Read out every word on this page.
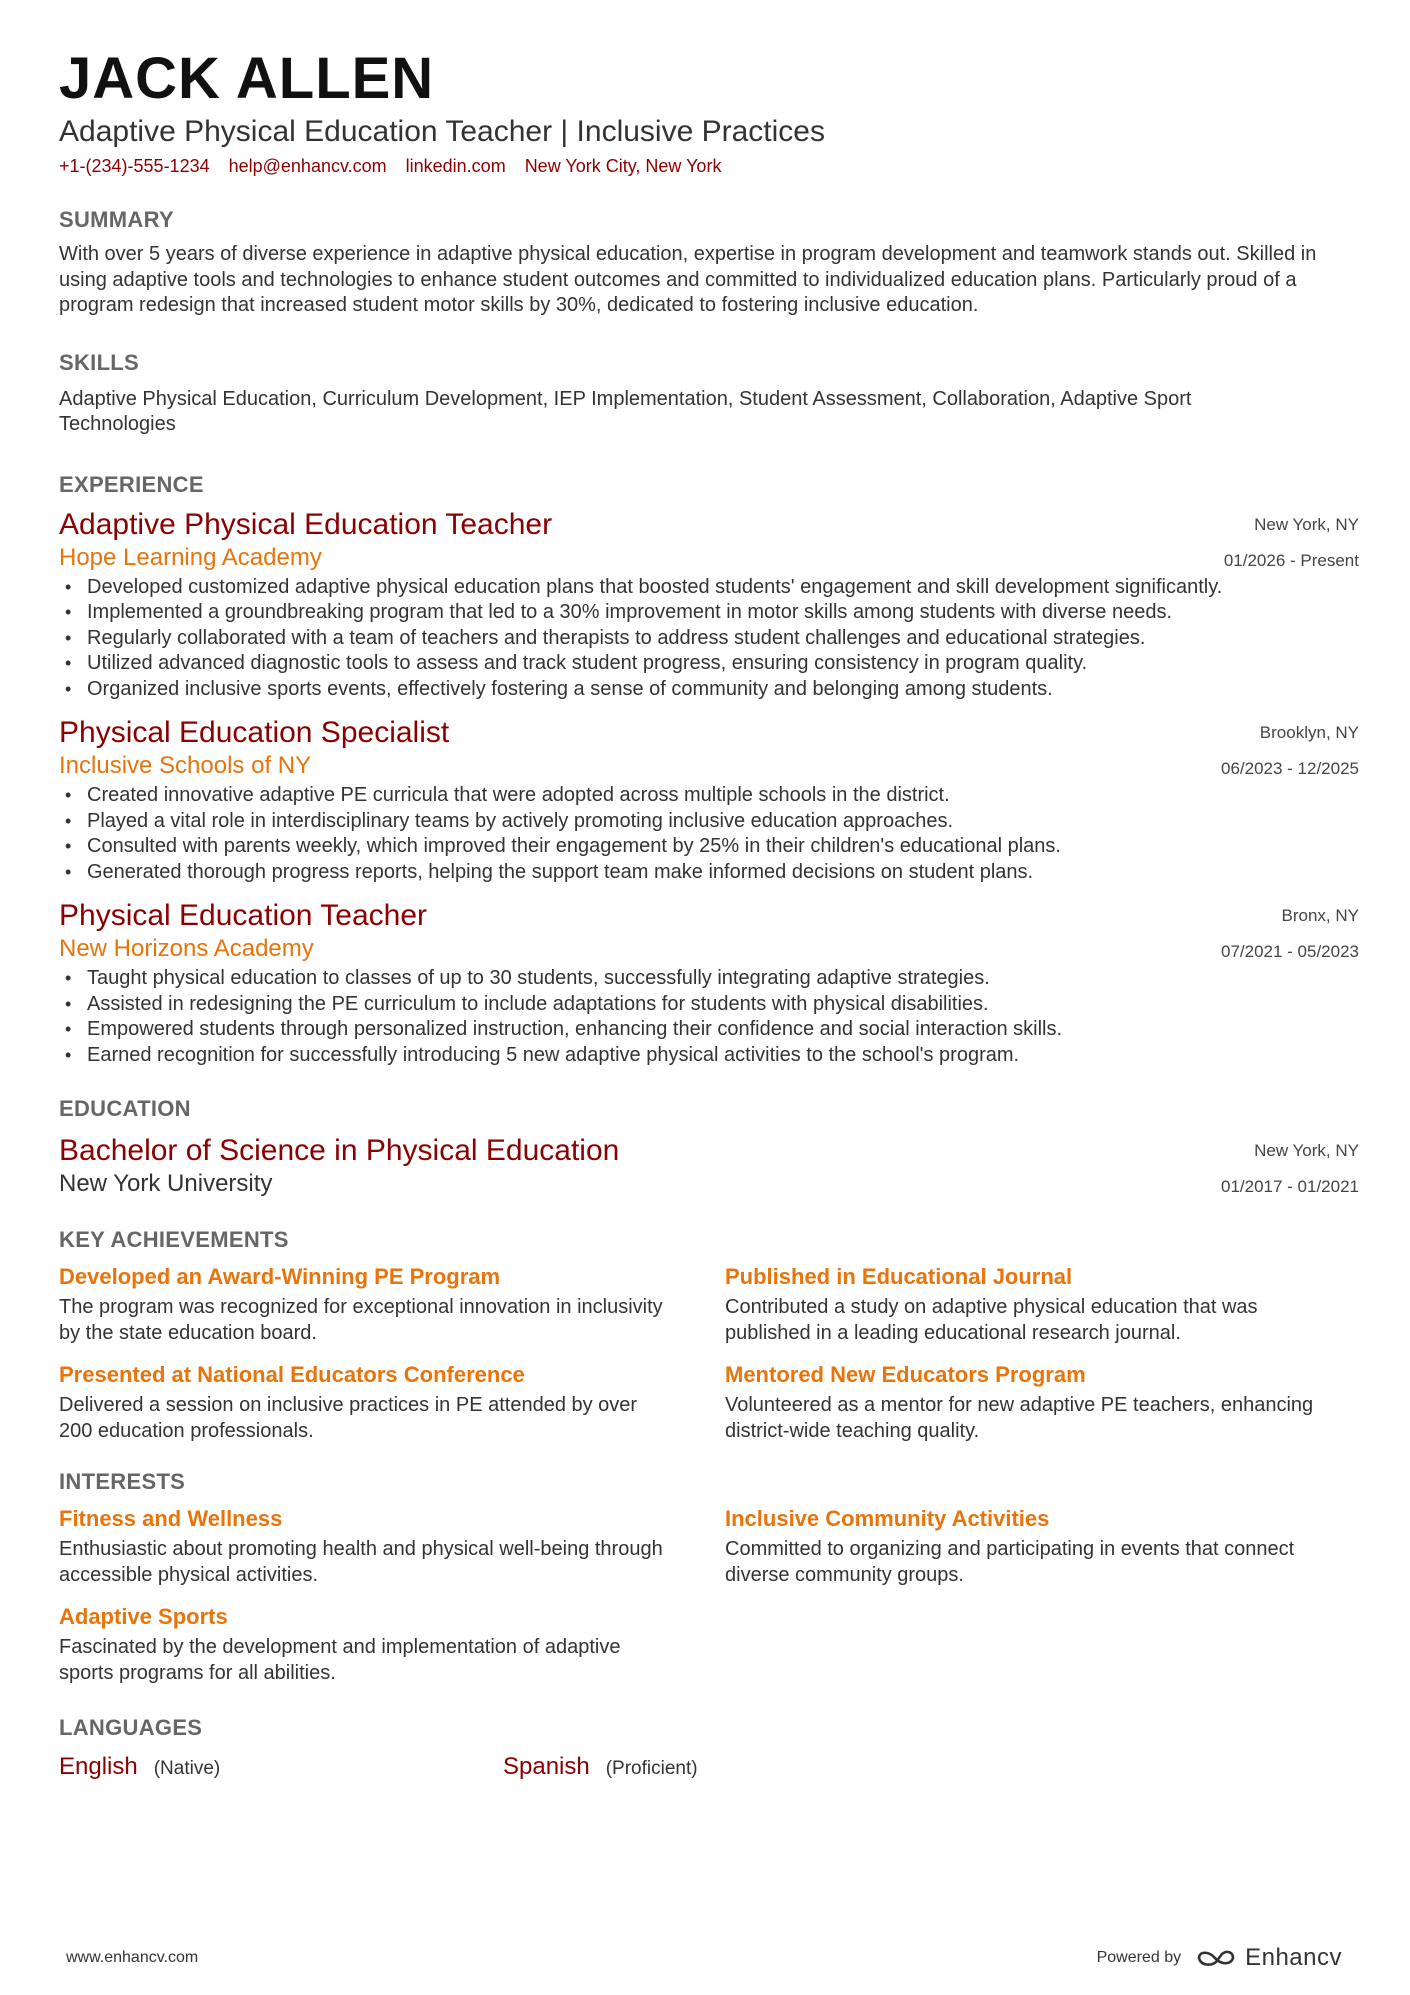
JACK ALLEN
Adaptive Physical Education Teacher | Inclusive Practices
+1-(234)-555-1234 help@enhancv.com linkedin.com New York City, New York
SUMMARY

With over 5 years of diverse experience in adaptive physical education, expertise in program development and teamwork stands out. Skilled in using adaptive tools and technologies to enhance student outcomes and committed to individualized education plans. Particularly proud of a program redesign that increased student motor skills by 30%, dedicated to fostering inclusive education.

SKILLS

Adaptive Physical Education, Curriculum Development, IEP Implementation, Student Assessment, Collaboration, Adaptive Sport Technologies

EXPERIENCE
Adaptive Physical Education Teacher
Hope Learning Academy
New York, NY
01/2026 - Present
• Developed customized adaptive physical education plans that boosted students' engagement and skill development significantly.
• Implemented a groundbreaking program that led to a 30% improvement in motor skills among students with diverse needs.
• Regularly collaborated with a team of teachers and therapists to address student challenges and educational strategies.
• Utilized advanced diagnostic tools to assess and track student progress, ensuring consistency in program quality.
• Organized inclusive sports events, effectively fostering a sense of community and belonging among students.
Physical Education Specialist
Inclusive Schools of NY
Brooklyn, NY
06/2023 - 12/2025
• Created innovative adaptive PE curricula that were adopted across multiple schools in the district.
• Played a vital role in interdisciplinary teams by actively promoting inclusive education approaches.
• Consulted with parents weekly, which improved their engagement by 25% in their children's educational plans.
• Generated thorough progress reports, helping the support team make informed decisions on student plans.
Physical Education Teacher
New Horizons Academy
Bronx, NY
07/2021 - 05/2023
• Taught physical education to classes of up to 30 students, successfully integrating adaptive strategies.
• Assisted in redesigning the PE curriculum to include adaptations for students with physical disabilities.
• Empowered students through personalized instruction, enhancing their confidence and social interaction skills.
• Earned recognition for successfully introducing 5 new adaptive physical activities to the school's program.
EDUCATION
Bachelor of Science in Physical Education
New York University
New York, NY
01/2017 - 01/2021
KEY ACHIEVEMENTS
Developed an Award-Winning PE Program
The program was recognized for exceptional innovation in inclusivity by the state education board.
Published in Educational Journal
Contributed a study on adaptive physical education that was published in a leading educational research journal.
Presented at National Educators Conference
Delivered a session on inclusive practices in PE attended by over 200 education professionals.
Mentored New Educators Program
Volunteered as a mentor for new adaptive PE teachers, enhancing district-wide teaching quality.
INTERESTS
Fitness and Wellness
Enthusiastic about promoting health and physical well-being through accessible physical activities.
Inclusive Community Activities
Committed to organizing and participating in events that connect diverse community groups.
Adaptive Sports
Fascinated by the development and implementation of adaptive sports programs for all abilities.
LANGUAGES
English (Native)	Spanish (Proficient)
www.enhancv.com	Powered by	Enhancv
